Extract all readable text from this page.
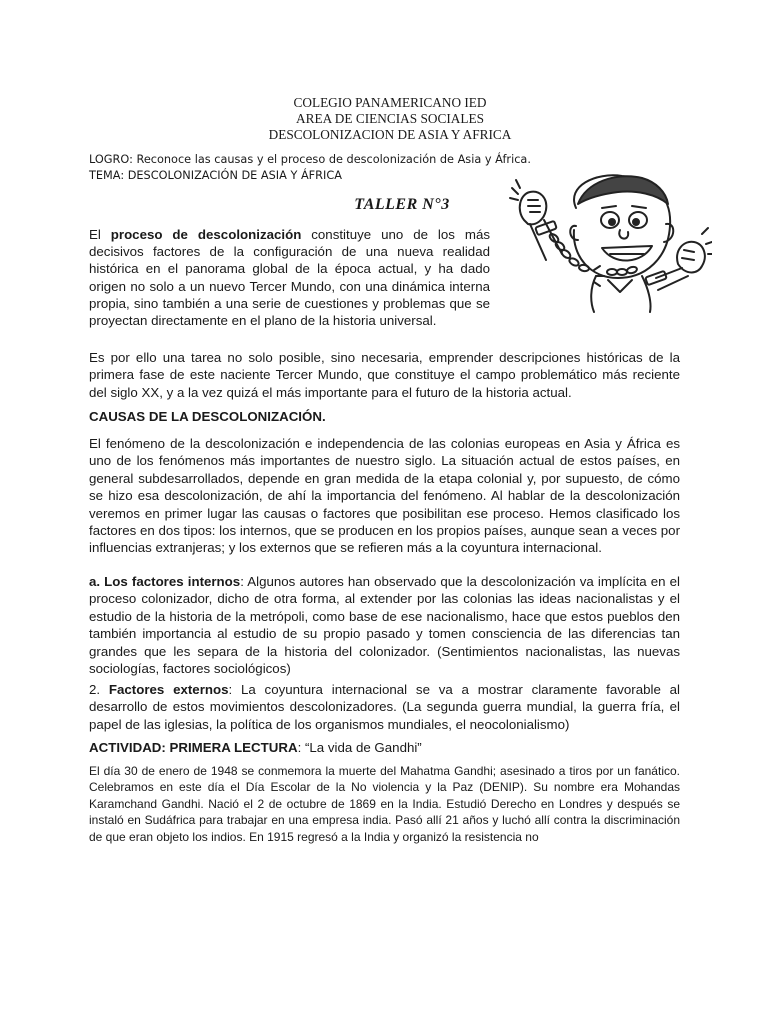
COLEGIO PANAMERICANO IED
AREA DE CIENCIAS SOCIALES
DESCOLONIZACION DE ASIA Y AFRICA
LOGRO: Reconoce las causas y el proceso de descolonización de Asia y África.
TEMA: DESCOLONIZACIÓN DE ASIA Y ÁFRICA
TALLER N°3
El proceso de descolonización constituye uno de los más decisivos factores de la configuración de una nueva realidad histórica en el panorama global de la época actual, y ha dado origen no solo a un nuevo Tercer Mundo, con una dinámica interna propia, sino también a una serie de cuestiones y problemas que se proyectan directamente en el plano de la historia universal.
Es por ello una tarea no solo posible, sino necesaria, emprender descripciones históricas de la primera fase de este naciente Tercer Mundo, que constituye el campo problemático más reciente del siglo XX, y a la vez quizá el más importante para el futuro de la historia actual.
CAUSAS DE LA DESCOLONIZACIÓN.
El fenómeno de la descolonización e independencia de las colonias europeas en Asia y África es uno de los fenómenos más importantes de nuestro siglo. La situación actual de estos países, en general subdesarrollados, depende en gran medida de la etapa colonial y, por supuesto, de cómo se hizo esa descolonización, de ahí la importancia del fenómeno. Al hablar de la descolonización veremos en primer lugar las causas o factores que posibilitan ese proceso. Hemos clasificado los factores en dos tipos: los internos, que se producen en los propios países, aunque sean a veces por influencias extranjeras; y los externos que se refieren más a la coyuntura internacional.
a. Los factores internos: Algunos autores han observado que la descolonización va implícita en el proceso colonizador, dicho de otra forma, al extender por las colonias las ideas nacionalistas y el estudio de la historia de la metrópoli, como base de ese nacionalismo, hace que estos pueblos den también importancia al estudio de su propio pasado y tomen consciencia de las diferencias tan grandes que les separa de la historia del colonizador. (Sentimientos nacionalistas, las nuevas sociologías, factores sociológicos)
2. Factores externos: La coyuntura internacional se va a mostrar claramente favorable al desarrollo de estos movimientos descolonizadores. (La segunda guerra mundial, la guerra fría, el papel de las iglesias, la política de los organismos mundiales, el neocolonialismo)
ACTIVIDAD: PRIMERA LECTURA: “La vida de Gandhi”
El día 30 de enero de 1948 se conmemora la muerte del Mahatma Gandhi; asesinado a tiros por un fanático. Celebramos en este día el Día Escolar de la No violencia y la Paz (DENIP). Su nombre era Mohandas Karamchand Gandhi. Nació el 2 de octubre de 1869 en la India. Estudió Derecho en Londres y después se instaló en Sudáfrica para trabajar en una empresa india. Pasó allí 21 años y luchó allí contra la discriminación de que eran objeto los indios. En 1915 regresó a la India y organizó la resistencia no
